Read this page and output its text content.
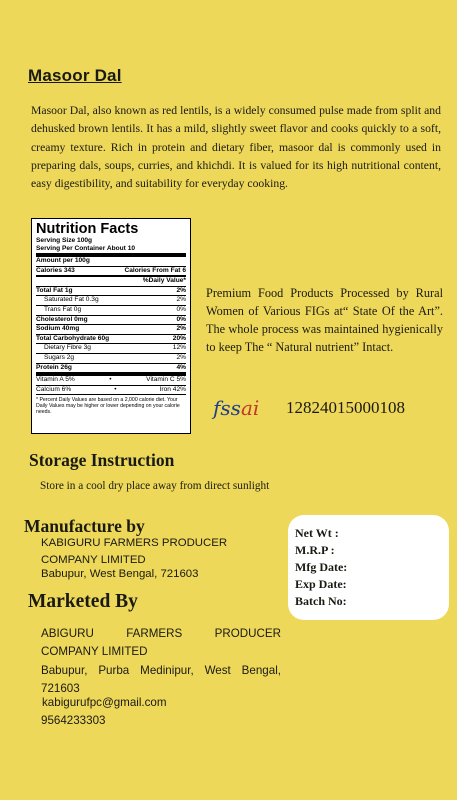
Masoor Dal
Masoor Dal, also known as red lentils, is a widely consumed pulse made from split and dehusked brown lentils. It has a mild, slightly sweet flavor and cooks quickly to a soft, creamy texture. Rich in protein and dietary fiber, masoor dal is commonly used in preparing dals, soups, curries, and khichdi. It is valued for its high nutritional content, easy digestibility, and suitability for everyday cooking.
Nutrition Facts
Serving Size 100g
Serving Per Container About 10
Amount per 100g
Calories 343	Calories From Fat 6
%Daily Value*
Total Fat 1g	2%
Saturated Fat 0.3g	2%
Trans Fat 0g	0%
Cholesterol 0mg	0%
Sodium 40mg	2%
Total Carbohydrate 60g	20%
Dietary Fibre 3g	12%
Sugars 2g	2%
Protein 26g	4%
Vitamin A 5%	•	Vitamin C 5%
Calcium 6%	•	Iron 42%
* Percent Daily Values are based on a 2,000 calorie diet. Your Daily Values may be higher or lower depending on your calorie needs.
Premium Food Products Processed by Rural Women of Various FIGs at“ State Of the Art”. The whole process was maintained hygienically to keep The “ Natural nutrient” Intact.
fssai 12824015000108
Storage Instruction
Store in a cool dry place away from direct sunlight
Manufacture by
KABIGURU FARMERS PRODUCER COMPANY LIMITED
Babupur, West Bengal, 721603
Marketed By
ABIGURU FARMERS PRODUCER COMPANY LIMITED
Babupur, Purba Medinipur, West Bengal, 721603
kabigurufpc@gmail.com
9564233303
Net Wt :
M.R.P :
Mfg Date:
Exp Date:
Batch No:
